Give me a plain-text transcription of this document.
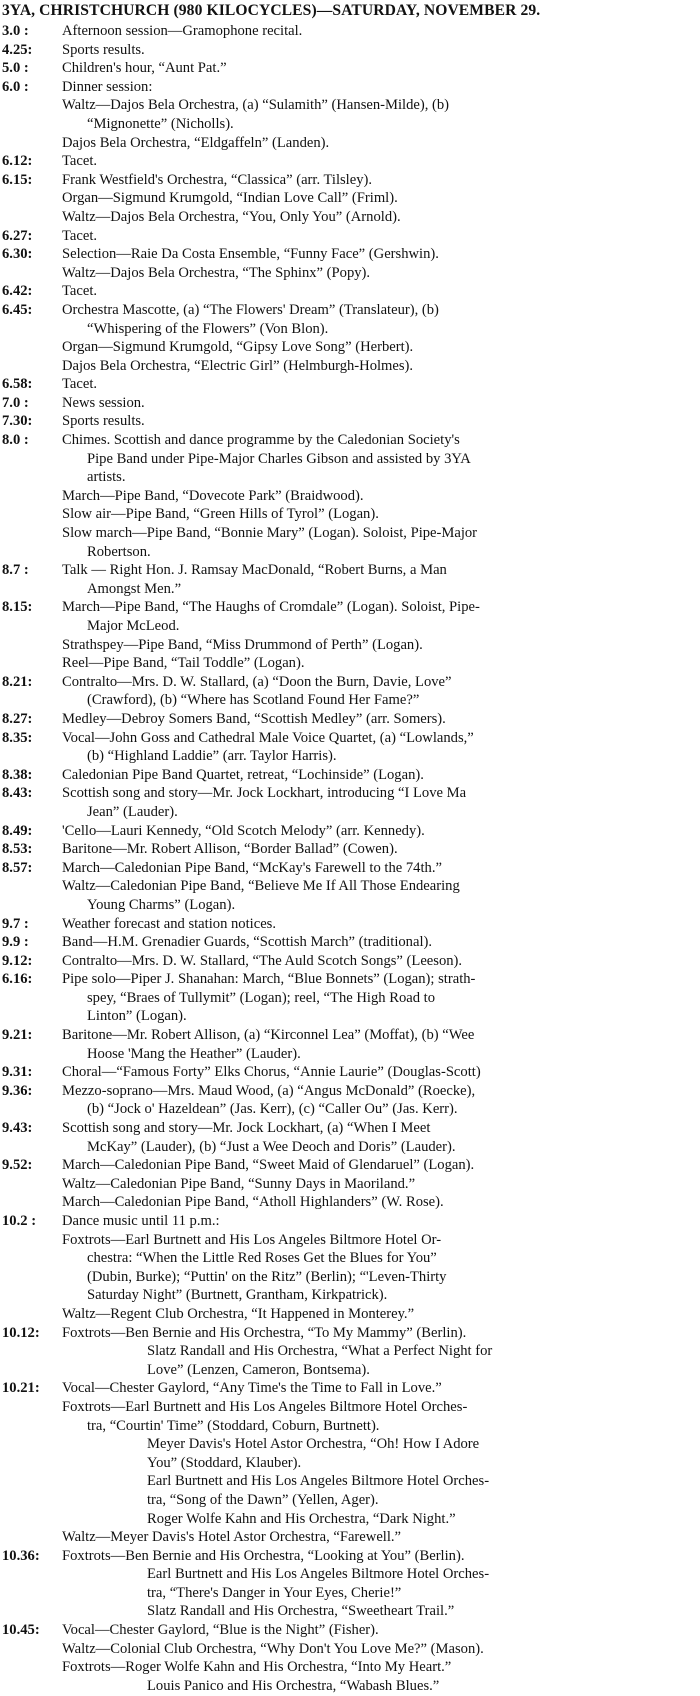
3YA, CHRISTCHURCH (980 KILOCYCLES)—SATURDAY, NOVEMBER 29.
3.0 :	Afternoon session—Gramophone recital.
4.25:	Sports results.
5.0 :	Children's hour, “Aunt Pat.”
6.0 :	Dinner session:
Waltz—Dajos Bela Orchestra, (a) “Sulamith” (Hansen-Milde), (b)
“Mignonette” (Nicholls).
Dajos Bela Orchestra, “Eldgaffeln” (Landen).
6.12:	Tacet.
6.15:	Frank Westfield's Orchestra, “Classica” (arr. Tilsley).
Organ—Sigmund Krumgold, “Indian Love Call” (Friml).
Waltz—Dajos Bela Orchestra, “You, Only You” (Arnold).
6.27:	Tacet.
6.30:	Selection—Raie Da Costa Ensemble, “Funny Face” (Gershwin).
Waltz—Dajos Bela Orchestra, “The Sphinx” (Popy).
6.42:	Tacet.
6.45:	Orchestra Mascotte, (a) “The Flowers' Dream” (Translateur), (b)
“Whispering of the Flowers” (Von Blon).
Organ—Sigmund Krumgold, “Gipsy Love Song” (Herbert).
Dajos Bela Orchestra, “Electric Girl” (Helmburgh-Holmes).
6.58:	Tacet.
7.0 :	News session.
7.30:	Sports results.
8.0 :	Chimes. Scottish and dance programme by the Caledonian Society's
Pipe Band under Pipe-Major Charles Gibson and assisted by 3YA
artists.
March—Pipe Band, “Dovecote Park” (Braidwood).
Slow air—Pipe Band, “Green Hills of Tyrol” (Logan).
Slow march—Pipe Band, “Bonnie Mary” (Logan). Soloist, Pipe-Major
Robertson.
8.7 :	Talk — Right Hon. J. Ramsay MacDonald, “Robert Burns, a Man
Amongst Men.”
8.15:	March—Pipe Band, “The Haughs of Cromdale” (Logan). Soloist, Pipe-
Major McLeod.
Strathspey—Pipe Band, “Miss Drummond of Perth” (Logan).
Reel—Pipe Band, “Tail Toddle” (Logan).
8.21:	Contralto—Mrs. D. W. Stallard, (a) “Doon the Burn, Davie, Love”
(Crawford), (b) “Where has Scotland Found Her Fame?”
8.27:	Medley—Debroy Somers Band, “Scottish Medley” (arr. Somers).
8.35:	Vocal—John Goss and Cathedral Male Voice Quartet, (a) “Lowlands,”
(b) “Highland Laddie” (arr. Taylor Harris).
8.38:	Caledonian Pipe Band Quartet, retreat, “Lochinside” (Logan).
8.43:	Scottish song and story—Mr. Jock Lockhart, introducing “I Love Ma
Jean” (Lauder).
8.49:	'Cello—Lauri Kennedy, “Old Scotch Melody” (arr. Kennedy).
8.53:	Baritone—Mr. Robert Allison, “Border Ballad” (Cowen).
8.57:	March—Caledonian Pipe Band, “McKay's Farewell to the 74th.”
Waltz—Caledonian Pipe Band, “Believe Me If All Those Endearing
Young Charms” (Logan).
9.7 :	Weather forecast and station notices.
9.9 :	Band—H.M. Grenadier Guards, “Scottish March” (traditional).
9.12:	Contralto—Mrs. D. W. Stallard, “The Auld Scotch Songs” (Leeson).
6.16:	Pipe solo—Piper J. Shanahan: March, “Blue Bonnets” (Logan); strath-
spey, “Braes of Tullymit” (Logan); reel, “The High Road to
Linton” (Logan).
9.21:	Baritone—Mr. Robert Allison, (a) “Kirconnel Lea” (Moffat), (b) “Wee
Hoose 'Mang the Heather” (Lauder).
9.31:	Choral—“Famous Forty” Elks Chorus, “Annie Laurie” (Douglas-Scott)
9.36:	Mezzo-soprano—Mrs. Maud Wood, (a) “Angus McDonald” (Roecke),
(b) “Jock o' Hazeldean” (Jas. Kerr), (c) “Caller Ou” (Jas. Kerr).
9.43:	Scottish song and story—Mr. Jock Lockhart, (a) “When I Meet
McKay” (Lauder), (b) “Just a Wee Deoch and Doris” (Lauder).
9.52:	March—Caledonian Pipe Band, “Sweet Maid of Glendaruel” (Logan).
Waltz—Caledonian Pipe Band, “Sunny Days in Maoriland.”
March—Caledonian Pipe Band, “Atholl Highlanders” (W. Rose).
10.2 :	Dance music until 11 p.m.:
Foxtrots—Earl Burtnett and His Los Angeles Biltmore Hotel Or-
chestra: “When the Little Red Roses Get the Blues for You”
(Dubin, Burke); “Puttin' on the Ritz” (Berlin); “'Leven-Thirty
Saturday Night” (Burtnett, Grantham, Kirkpatrick).
Waltz—Regent Club Orchestra, “It Happened in Monterey.”
10.12:	Foxtrots—Ben Bernie and His Orchestra, “To My Mammy” (Berlin).
Slatz Randall and His Orchestra, “What a Perfect Night for
Love” (Lenzen, Cameron, Bontsema).
10.21:	Vocal—Chester Gaylord, “Any Time's the Time to Fall in Love.”
Foxtrots—Earl Burtnett and His Los Angeles Biltmore Hotel Orches-
tra, “Courtin' Time” (Stoddard, Coburn, Burtnett).
Meyer Davis's Hotel Astor Orchestra, “Oh! How I Adore
You” (Stoddard, Klauber).
Earl Burtnett and His Los Angeles Biltmore Hotel Orches-
tra, “Song of the Dawn” (Yellen, Ager).
Roger Wolfe Kahn and His Orchestra, “Dark Night.”
Waltz—Meyer Davis's Hotel Astor Orchestra, “Farewell.”
10.36:	Foxtrots—Ben Bernie and His Orchestra, “Looking at You” (Berlin).
Earl Burtnett and His Los Angeles Biltmore Hotel Orches-
tra, “There's Danger in Your Eyes, Cherie!”
Slatz Randall and His Orchestra, “Sweetheart Trail.”
10.45:	Vocal—Chester Gaylord, “Blue is the Night” (Fisher).
Waltz—Colonial Club Orchestra, “Why Don't You Love Me?” (Mason).
Foxtrots—Roger Wolfe Kahn and His Orchestra, “Into My Heart.”
Louis Panico and His Orchestra, “Wabash Blues.”
